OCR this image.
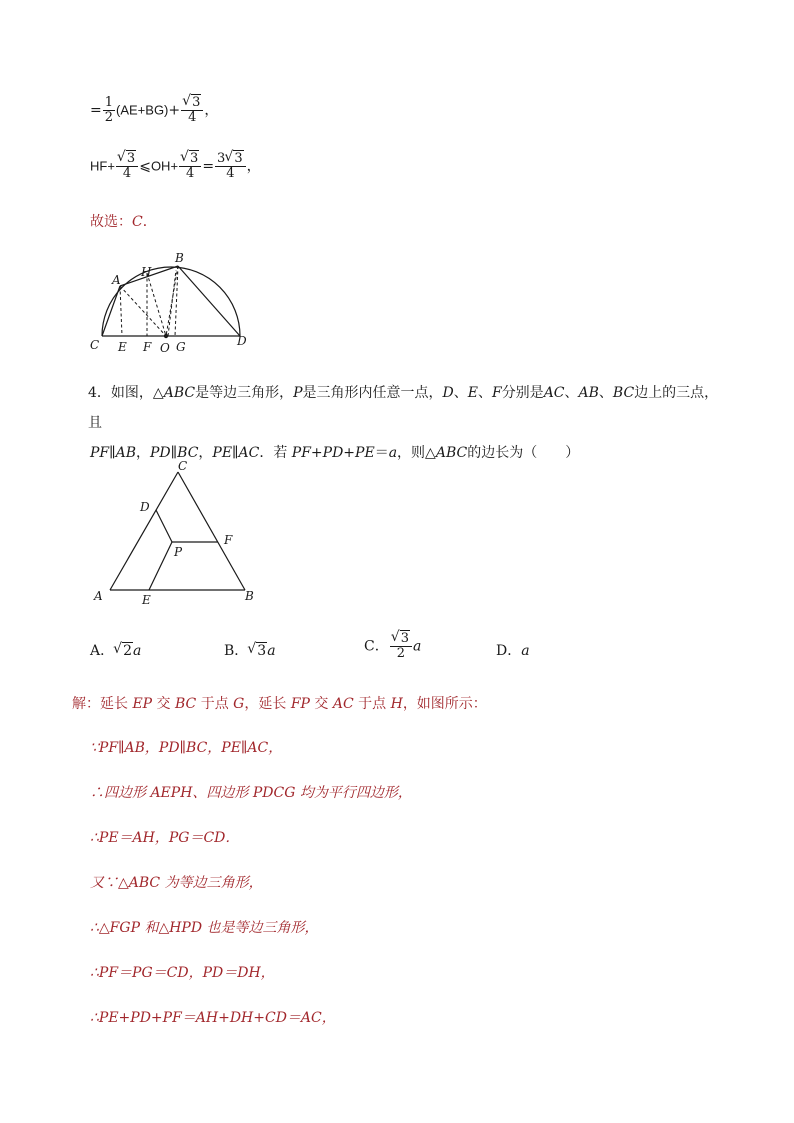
= $\frac{1}{2} (AE+BG)+$ √ $\frac{3}{4}$ ，
HF+ √ $\frac{3}{4}$ ⩽OH+ √ $\frac{3}{4} = \frac{3 √ 3}{4}$ ，
故选：C．
A
H
B
C E F O G	D
4．如图，△ABC是等边三角形，P是三角形内任意一点，D、E、F分别是AC、AB、BC边上的三点，且
PF∥AB，PD∥BC，PE∥AC．若 PF+PD+PE＝a，则△ABC的边长为（　　）
C
D
F
P
A	E	B
A． √ 2a	B． √ 3a	C． √ $\frac{3}{2}$ a	D．a
解：延长 EP 交 BC 于点 G，延长 FP 交 AC 于点 H，如图所示：
∵PF∥AB，PD∥BC，PE∥AC，
∴四边形 AEPH、四边形 PDCG 均为平行四边形，
∴PE＝AH，PG＝CD．
又∵△ABC 为等边三角形，
∴△FGP 和△HPD 也是等边三角形，
∴PF＝PG＝CD，PD＝DH，
∴PE+PD+PF＝AH+DH+CD＝AC，
